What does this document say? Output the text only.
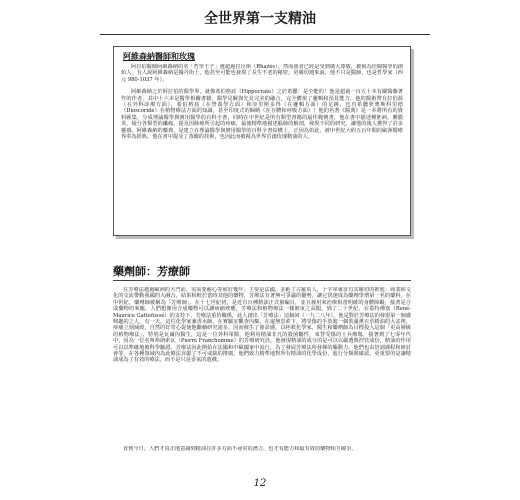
全世界第一支精油
阿維森納醫師和玫瑰

阿拉伯醫師阿維森納的名「哲學王子」遺超過拉臣斯（Rhazès），然而我者已經是受到廣大尊敬，被視為佳閱醫學的創始人，有人說阿維森納是據丹街士，他甚至可能也發現了長生不老的秘密，更確切地來說，他不只是醫師，也是哲學家（西元 980-1037 年）。

阿維森納之於阿拉伯的醫學界，就像希伯格底（Hippocrate）之於希臘：是全能的！他是超過一百五十本有關醫藥著作的作者，其中十六本是醫學相關書籍，醫學見解與先見完美的融合，完全體現了邏輯和預見能力，他的醫術帶有拉伯源（在外科診療方面），希伯格底（在營養學方面）和亞里斯多得（在邏輯方面）的足跡，也有希臘狄奧斯科里德（Dioscoride）在植物療法方面的知識，甚至印度式的歸納（在存體和呼吸方面）！他的名著《醫典》是一本將所有的資料匯集，分成理論醫學與實用醫學的百科全書，同時在中世紀是所有類型書籍的最佳範例書，他在書中描述種胚病，腫膜炎，疑分各類型的纖瘤，提及因肺癌所引起的疼痛，最後精準地描述腦肺的解剖，發現不同的研究，讓他的後人獲得了許多靈感。阿維森納的藥典，是建立在理論醫學與實用醫學的百科全書結構上，正因為如此，被中世紀大約五百年間的歐洲醫療界奉為經典，他在書中提及了蒸餾的技術，也因此而被視為世界首創玫瑰精油的人。

藥劑師：芳療師

在芳療法越過歐洲的大門前，需需要耐心等候好幾年。主要是法國，多虧了古羅馬人，十字軍東征有其確切的推進：商業和文化的交流帶動我國的大融合，結果相較於當時其他的藥物，芳療法有著無可爭議的優勢，讓它快速成為藥劑學增第一名的藥科。在中世紀，藥劑師被稱為「芳療師」。在十七世紀初，是近有百種精油正式被編目，並且被用來治療相當明確的身體障礙，接著是合成藥物的來臨，人們想像用合成藥物可以讓病痛痊癒，芳療法和植物療法一樣被束之高閣，到了二十世紀，在蓋特佛塞（René-Maurice Gattefossé）的支持下，芳療法重拾關係，此人創出「芳療法」這個詞（一九二八年），他是對於芳療法的發現第一個感興趣的之人，有一天，這位化學家兼香水師，在實驗室觀查內爆，在還無思索下，將受傷的手放進一個裝滿薰衣草精油的大盆裡，疼痛立刻減緩，自然的好奇心促使他繼續研究諸多，因而催生了使命感，以拯救化學家，醫生和藥劑師為目標投入這個「更高層級的植物療法」，特別是瓦爾內醫生，這是一位外科軍醫，他利用精油非凡的殺菌屬性，來替受傷的士兵療傷，接著到了七零年代中，因為一位名叫弗朗索瓦（Pierre Franchomme）的芳療研究員，他發現精油的成分的是可以以嚴選與控管成份，精油的作用可以以準確地被科學驗證。芳療法因此開始在法國和中歐國家中流行，為了發展芳療法所發揮的驅動力，他們也由培訓課程和研討會等，在各種領域內為此療法貢獻了不可或缺的推廣。他們致力精準地對所有精油的化學成份，進行分類與確認，更重要的是讓精油成為了有效的療法，而不是只是香氣的遊戲。

直到今日，人們才真正地意識到精油在許多方面不尋常的潛力，也才有能力和最有效的藥物相互競爭。
12
